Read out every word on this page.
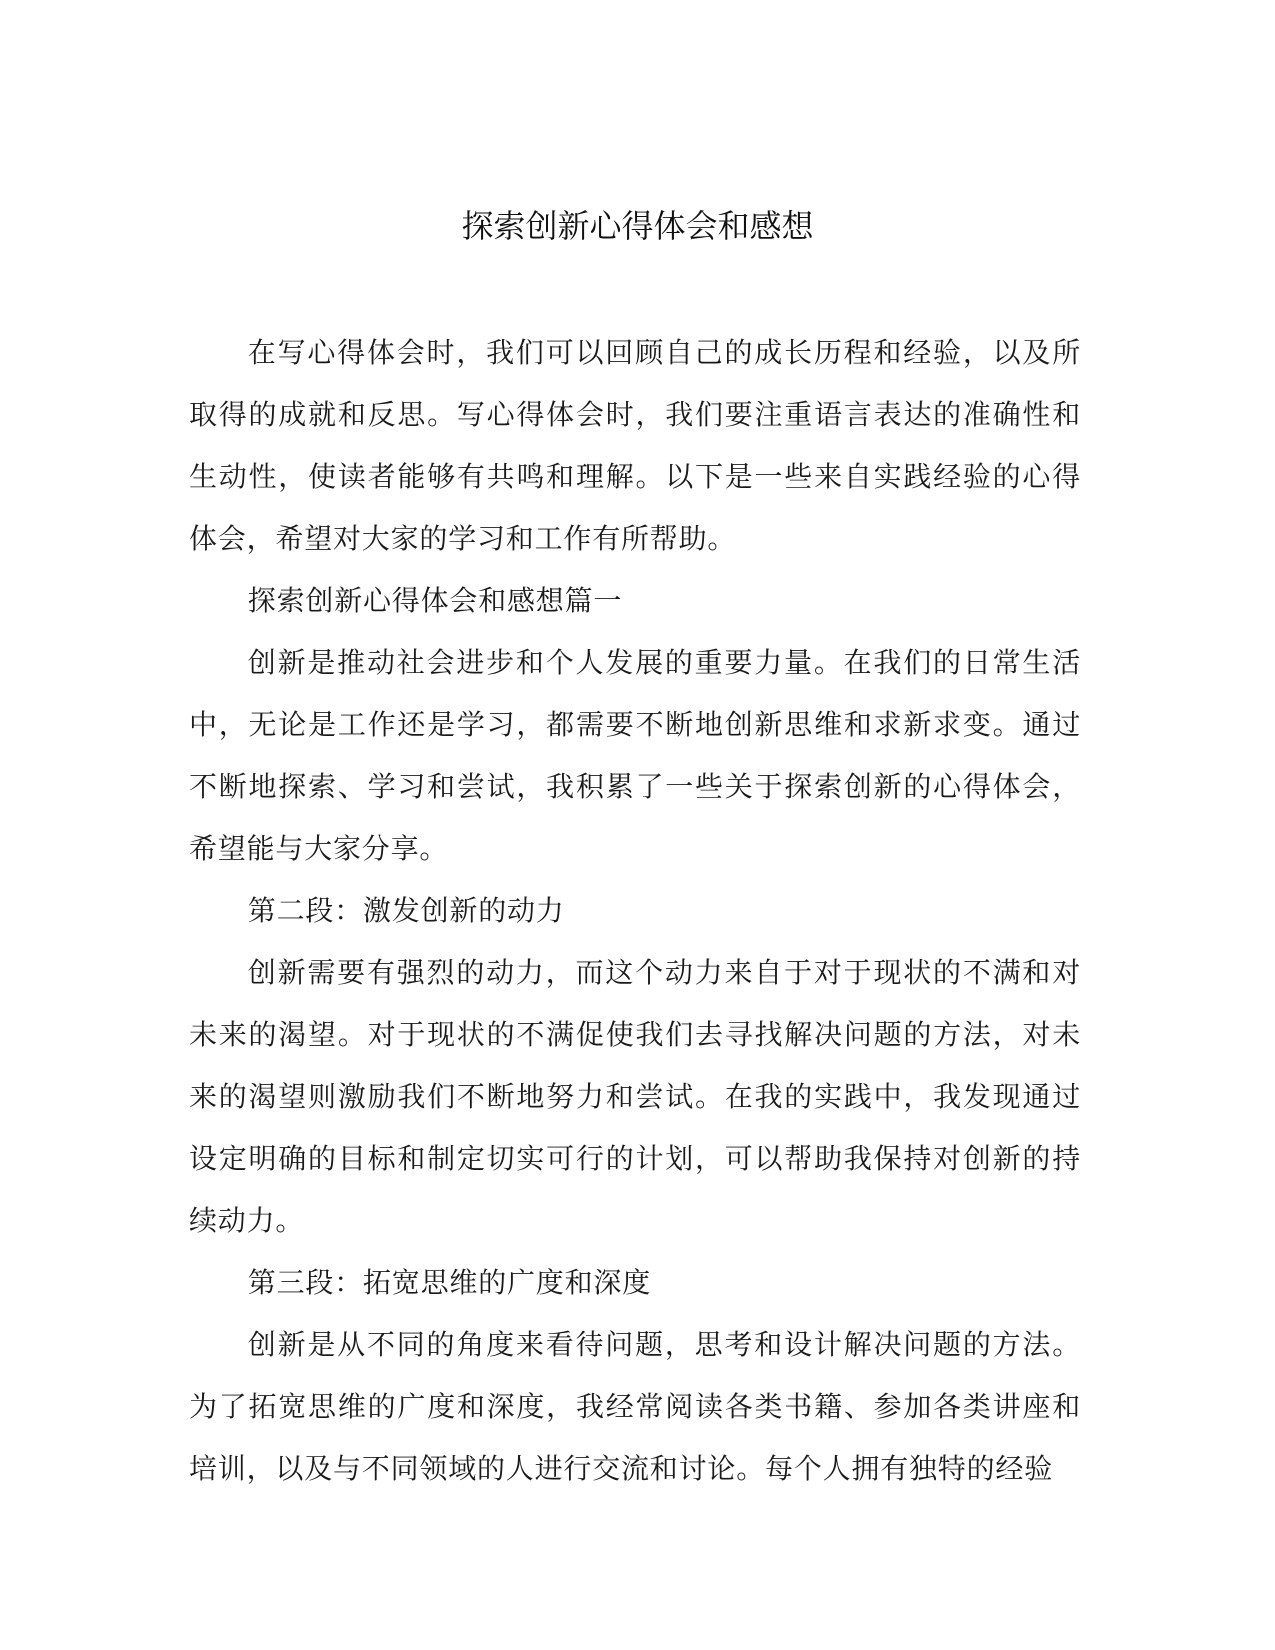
探索创新心得体会和感想

在写心得体会时，我们可以回顾自己的成长历程和经验，以及所取得的成就和反思。写心得体会时，我们要注重语言表达的准确性和生动性，使读者能够有共鸣和理解。以下是一些来自实践经验的心得体会，希望对大家的学习和工作有所帮助。

探索创新心得体会和感想篇一

创新是推动社会进步和个人发展的重要力量。在我们的日常生活中，无论是工作还是学习，都需要不断地创新思维和求新求变。通过不断地探索、学习和尝试，我积累了一些关于探索创新的心得体会，希望能与大家分享。

第二段：激发创新的动力

创新需要有强烈的动力，而这个动力来自于对于现状的不满和对未来的渴望。对于现状的不满促使我们去寻找解决问题的方法，对未来的渴望则激励我们不断地努力和尝试。在我的实践中，我发现通过设定明确的目标和制定切实可行的计划，可以帮助我保持对创新的持续动力。

第三段：拓宽思维的广度和深度

创新是从不同的角度来看待问题，思考和设计解决问题的方法。为了拓宽思维的广度和深度，我经常阅读各类书籍、参加各类讲座和培训，以及与不同领域的人进行交流和讨论。每个人拥有独特的经验
